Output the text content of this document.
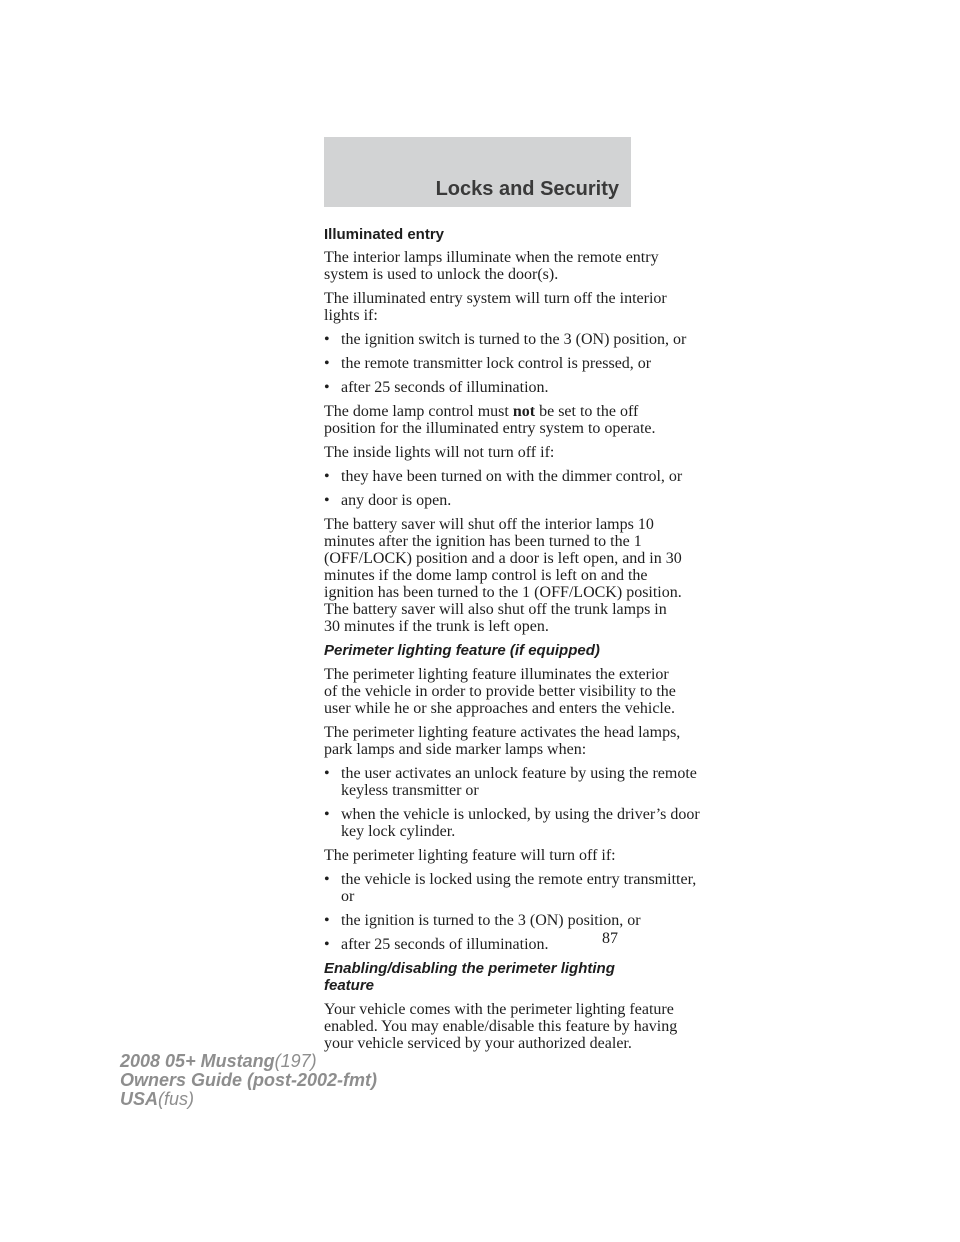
Locks and Security
Illuminated entry
The interior lamps illuminate when the remote entry system is used to unlock the door(s).
The illuminated entry system will turn off the interior lights if:
• the ignition switch is turned to the 3 (ON) position, or
• the remote transmitter lock control is pressed, or
• after 25 seconds of illumination.
The dome lamp control must not be set to the off position for the illuminated entry system to operate.
The inside lights will not turn off if:
• they have been turned on with the dimmer control, or
• any door is open.
The battery saver will shut off the interior lamps 10 minutes after the ignition has been turned to the 1 (OFF/LOCK) position and a door is left open, and in 30 minutes if the dome lamp control is left on and the ignition has been turned to the 1 (OFF/LOCK) position. The battery saver will also shut off the trunk lamps in 30 minutes if the trunk is left open.
Perimeter lighting feature (if equipped)
The perimeter lighting feature illuminates the exterior of the vehicle in order to provide better visibility to the user while he or she approaches and enters the vehicle.
The perimeter lighting feature activates the head lamps, park lamps and side marker lamps when:
• the user activates an unlock feature by using the remote keyless transmitter or
• when the vehicle is unlocked, by using the driver’s door key lock cylinder.
The perimeter lighting feature will turn off if:
• the vehicle is locked using the remote entry transmitter, or
• the ignition is turned to the 3 (ON) position, or
• after 25 seconds of illumination.
Enabling/disabling the perimeter lighting feature
Your vehicle comes with the perimeter lighting feature enabled. You may enable/disable this feature by having your vehicle serviced by your authorized dealer.
87
2008 05+ Mustang(197)
Owners Guide (post-2002-fmt)
USA(fus)
